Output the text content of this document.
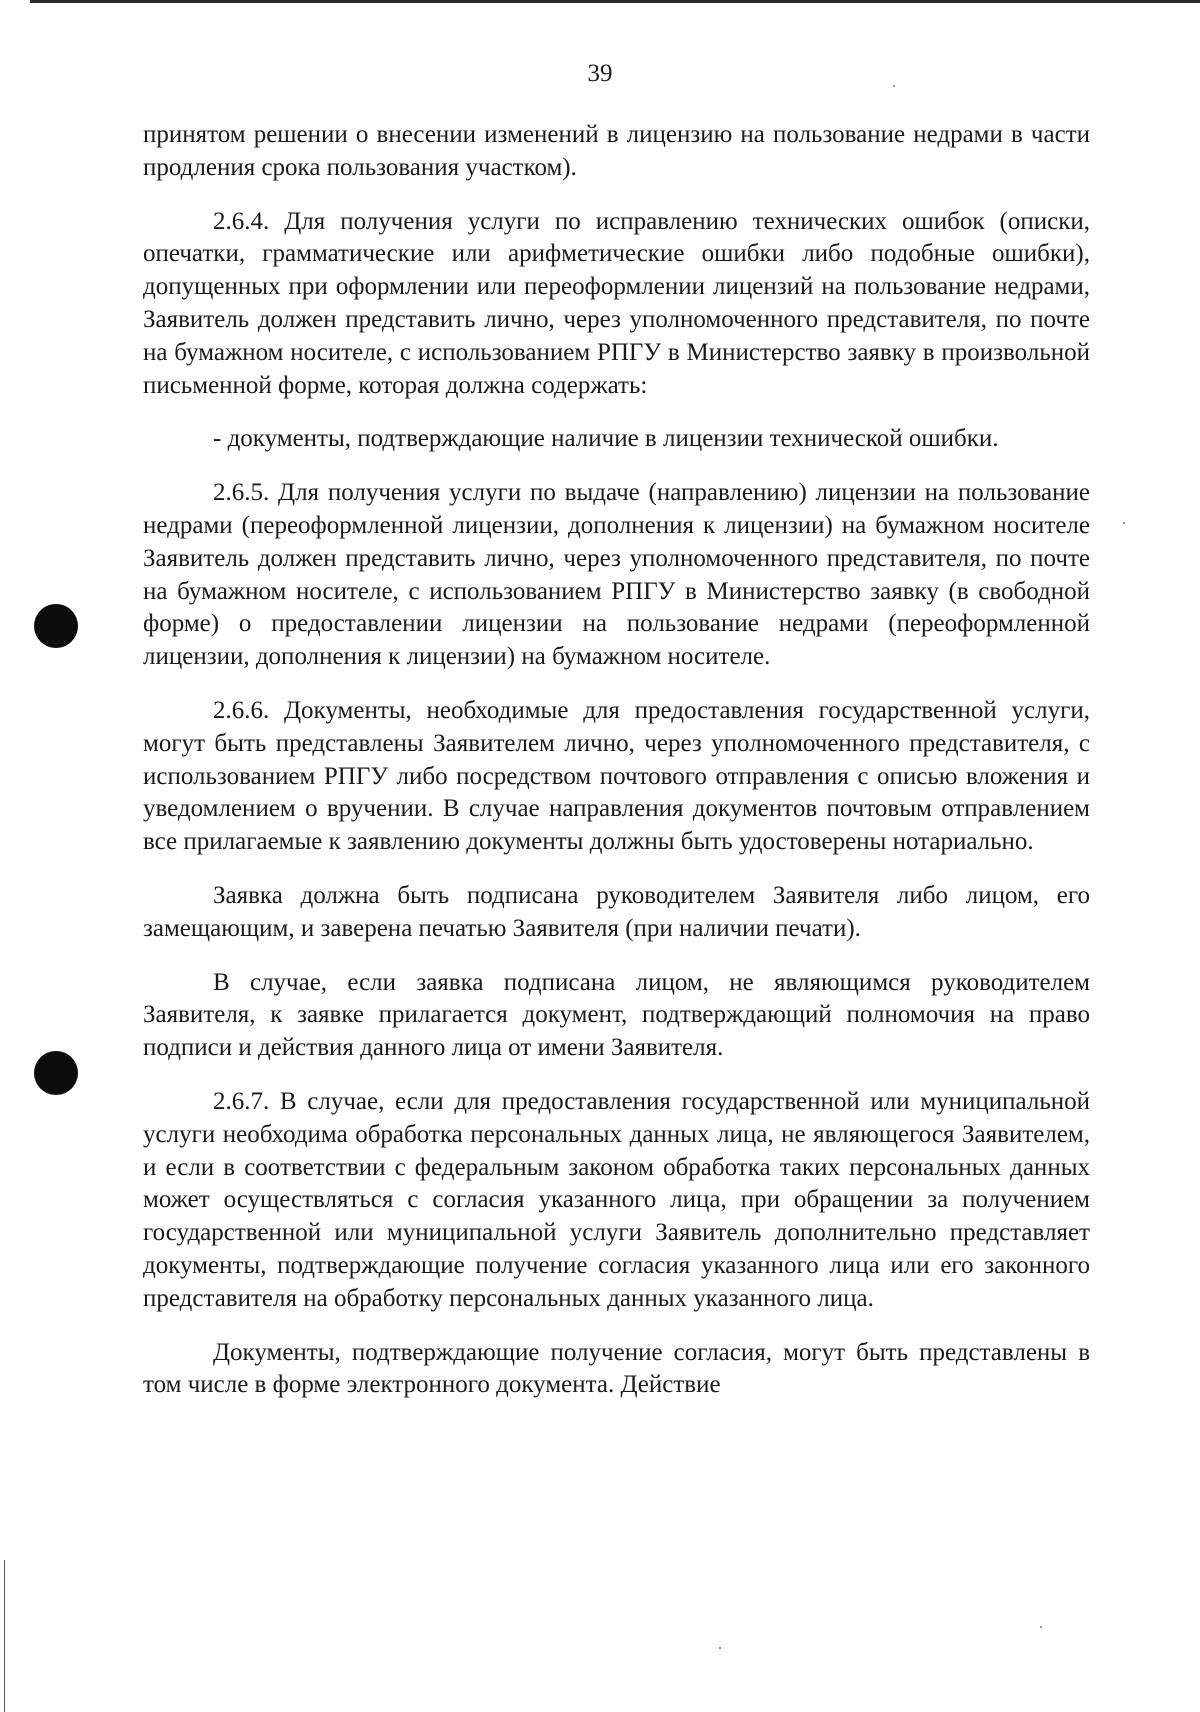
39

принятом решении о внесении изменений в лицензию на пользование недрами в части продления срока пользования участком).

2.6.4. Для получения услуги по исправлению технических ошибок (описки, опечатки, грамматические или арифметические ошибки либо подобные ошибки), допущенных при оформлении или переоформлении лицензий на пользование недрами, Заявитель должен представить лично, через уполномоченного представителя, по почте на бумажном носителе, с использованием РПГУ в Министерство заявку в произвольной письменной форме, которая должна содержать:

- документы, подтверждающие наличие в лицензии технической ошибки.

2.6.5. Для получения услуги по выдаче (направлению) лицензии на пользование недрами (переоформленной лицензии, дополнения к лицензии) на бумажном носителе Заявитель должен представить лично, через уполномоченного представителя, по почте на бумажном носителе, с использованием РПГУ в Министерство заявку (в свободной форме) о предоставлении лицензии на пользование недрами (переоформленной лицензии, дополнения к лицензии) на бумажном носителе.

2.6.6. Документы, необходимые для предоставления государственной услуги, могут быть представлены Заявителем лично, через уполномоченного представителя, с использованием РПГУ либо посредством почтового отправления с описью вложения и уведомлением о вручении. В случае направления документов почтовым отправлением все прилагаемые к заявлению документы должны быть удостоверены нотариально.

Заявка должна быть подписана руководителем Заявителя либо лицом, его замещающим, и заверена печатью Заявителя (при наличии печати).

В случае, если заявка подписана лицом, не являющимся руководителем Заявителя, к заявке прилагается документ, подтверждающий полномочия на право подписи и действия данного лица от имени Заявителя.

2.6.7. В случае, если для предоставления государственной или муниципальной услуги необходима обработка персональных данных лица, не являющегося Заявителем, и если в соответствии с федеральным законом обработка таких персональных данных может осуществляться с согласия указанного лица, при обращении за получением государственной или муниципальной услуги Заявитель дополнительно представляет документы, подтверждающие получение согласия указанного лица или его законного представителя на обработку персональных данных указанного лица.

Документы, подтверждающие получение согласия, могут быть представлены в том числе в форме электронного документа. Действие
